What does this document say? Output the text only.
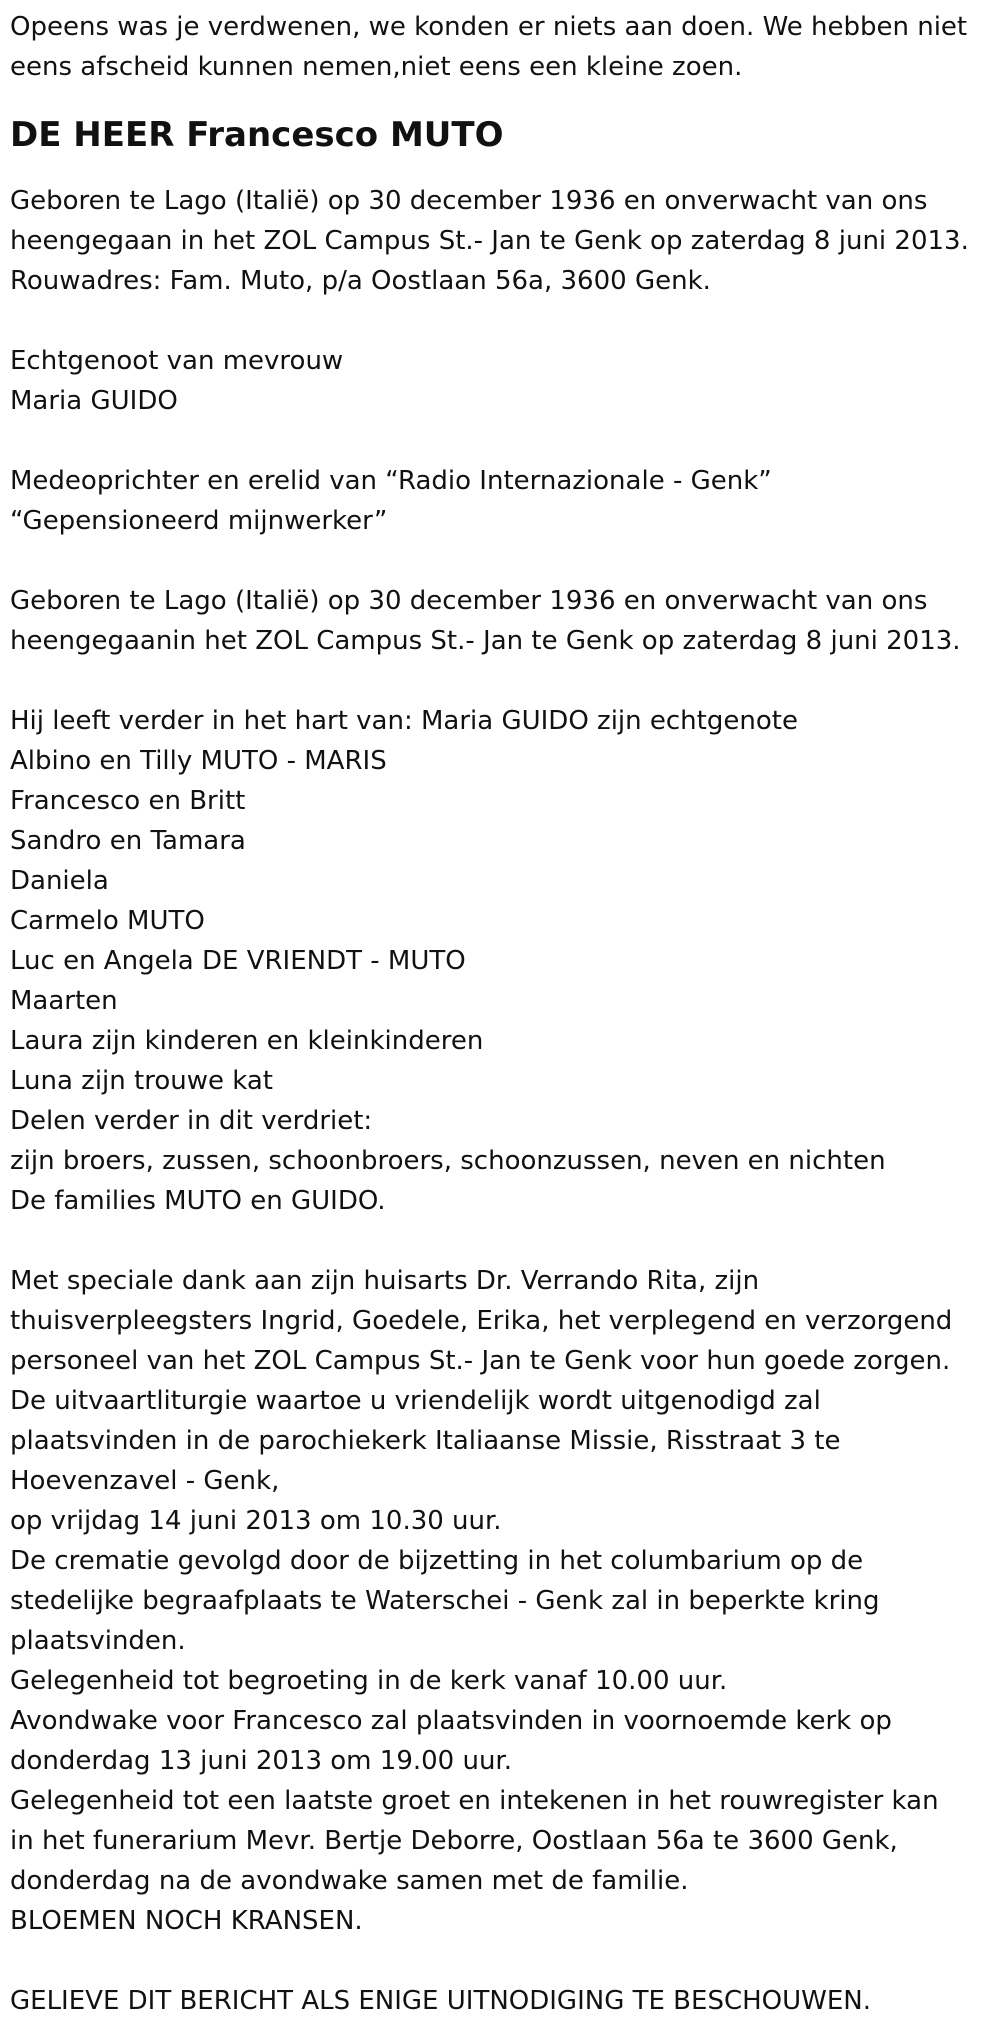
Opeens was je verdwenen, we konden er niets aan doen. We hebben niet

eens afscheid kunnen nemen,niet eens een kleine zoen.

DE HEER Francesco MUTO

Geboren te Lago (Italië) op 30 december 1936 en onverwacht van ons

heengegaan in het ZOL Campus St.- Jan te Genk op zaterdag 8 juni 2013.

Rouwadres: Fam. Muto, p/a Oostlaan 56a, 3600 Genk.

Echtgenoot van mevrouw

Maria GUIDO

Medeoprichter en erelid van “Radio Internazionale - Genk”

“Gepensioneerd mijnwerker”

Geboren te Lago (Italië) op 30 december 1936 en onverwacht van ons

heengegaanin het ZOL Campus St.- Jan te Genk op zaterdag 8 juni 2013.

Hij leeft verder in het hart van: Maria GUIDO zijn echtgenote

Albino en Tilly MUTO - MARIS

Francesco en Britt

Sandro en Tamara

Daniela

Carmelo MUTO

Luc en Angela DE VRIENDT - MUTO

Maarten

Laura zijn kinderen en kleinkinderen

Luna zijn trouwe kat

Delen verder in dit verdriet:

zijn broers, zussen, schoonbroers, schoonzussen, neven en nichten

De families MUTO en GUIDO.

Met speciale dank aan zijn huisarts Dr. Verrando Rita, zijn

thuisverpleegsters Ingrid, Goedele, Erika, het verplegend en verzorgend

personeel van het ZOL Campus St.- Jan te Genk voor hun goede zorgen.

De uitvaartliturgie waartoe u vriendelijk wordt uitgenodigd zal

plaatsvinden in de parochiekerk Italiaanse Missie, Risstraat 3 te

Hoevenzavel - Genk,

op vrijdag 14 juni 2013 om 10.30 uur.

De crematie gevolgd door de bijzetting in het columbarium op de

stedelijke begraafplaats te Waterschei - Genk zal in beperkte kring

plaatsvinden.

Gelegenheid tot begroeting in de kerk vanaf 10.00 uur.

Avondwake voor Francesco zal plaatsvinden in voornoemde kerk op

donderdag 13 juni 2013 om 19.00 uur.

Gelegenheid tot een laatste groet en intekenen in het rouwregister kan

in het funerarium Mevr. Bertje Deborre, Oostlaan 56a te 3600 Genk,

donderdag na de avondwake samen met de familie.

BLOEMEN NOCH KRANSEN.

GELIEVE DIT BERICHT ALS ENIGE UITNODIGING TE BESCHOUWEN.
